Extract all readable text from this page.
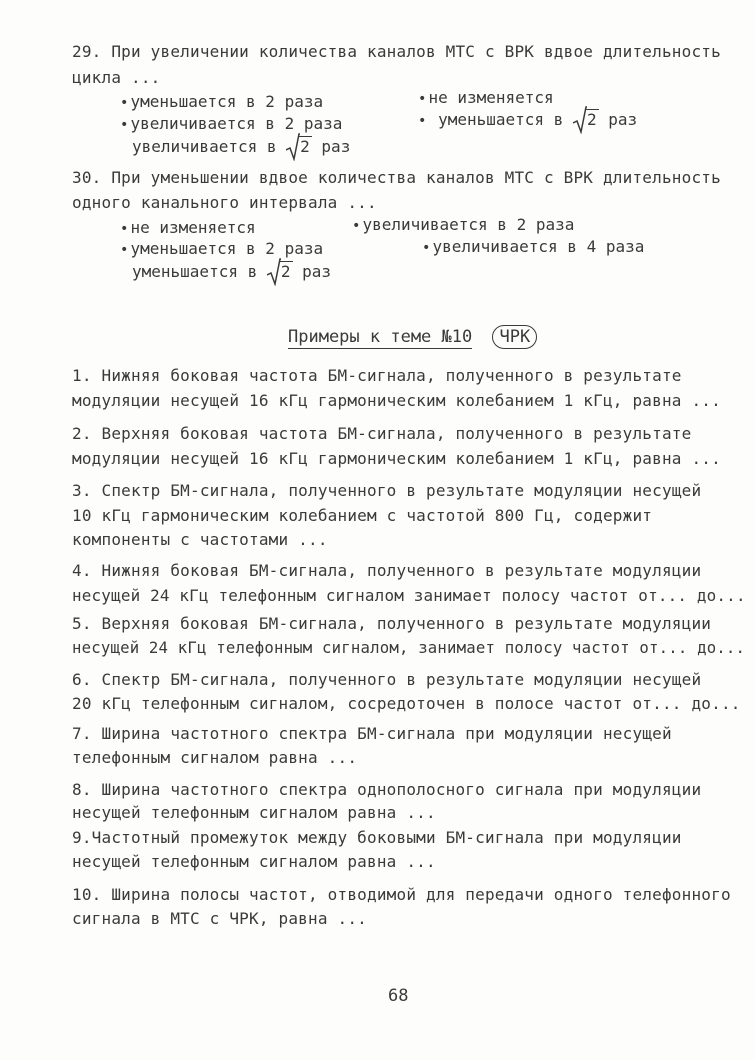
29. При увеличении количества каналов МТС с ВРК вдвое длительность
цикла ...
• уменьшается в 2 раза	• не изменяется
• увеличивается в 2 раза	• уменьшается в 2 раз
увеличивается в 2 раз
30. При уменьшении вдвое количества каналов МТС с ВРК длительность
одного канального интервала ...
• не изменяется	• увеличивается в 2 раза
• уменьшается в 2 раза	• увеличивается в 4 раза
уменьшается в 2 раз
Примеры к теме №10 ЧРК
1. Нижняя боковая частота БМ-сигнала, полученного в результате
модуляции несущей 16 кГц гармоническим колебанием 1 кГц, равна ...
2. Верхняя боковая частота БМ-сигнала, полученного в результате
модуляции несущей 16 кГц гармоническим колебанием 1 кГц, равна ...
3. Спектр БМ-сигнала, полученного в результате модуляции несущей
10 кГц гармоническим колебанием с частотой 800 Гц, содержит
компоненты с частотами ...
4. Нижняя боковая БМ-сигнала, полученного в результате модуляции
несущей 24 кГц телефонным сигналом занимает полосу частот от... до...
5. Верхняя боковая БМ-сигнала, полученного в результате модуляции
несущей 24 кГц телефонным сигналом, занимает полосу частот от... до...
6. Спектр БМ-сигнала, полученного в результате модуляции несущей
20 кГц телефонным сигналом, сосредоточен в полосе частот от... до...
7. Ширина частотного спектра БМ-сигнала при модуляции несущей
телефонным сигналом равна ...
8. Ширина частотного спектра однополосного сигнала при модуляции
несущей телефонным сигналом равна ...
9.Частотный промежуток между боковыми БМ-сигнала при модуляции
несущей телефонным сигналом равна ...
10. Ширина полосы частот, отводимой для передачи одного телефонного
сигнала в МТС с ЧРК, равна ...
68
